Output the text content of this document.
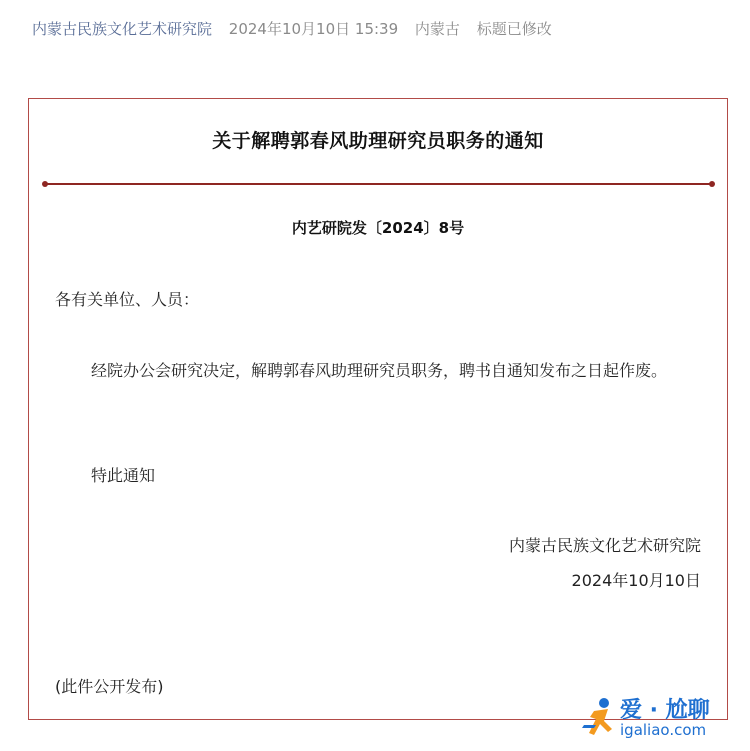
内蒙古民族文化艺术研究院 2024年10月10日 15:39 内蒙古 标题已修改
关于解聘郭春风助理研究员职务的通知
内艺研院发〔2024〕8号
各有关单位、人员：
经院办公会研究决定，解聘郭春风助理研究员职务，聘书自通知发布之日起作废。
特此通知
内蒙古民族文化艺术研究院
2024年10月10日
(此件公开发布)
爱 · 尬聊
igaliao.com
